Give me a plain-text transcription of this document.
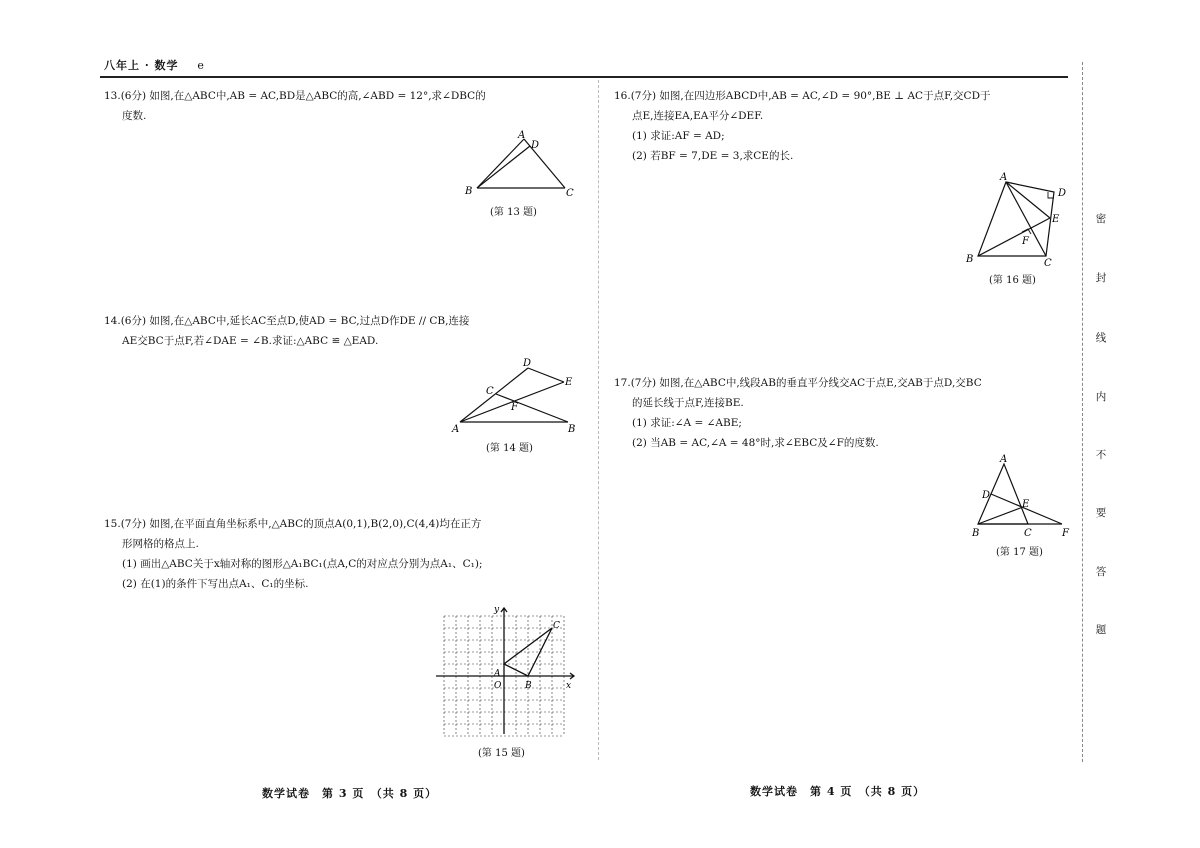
八年上 · 数学 e
密
封
线
内
不
要
答
题

13.(6分) 如图,在△ABC中,AB = AC,BD是△ABC的高,∠ABD = 12°,求∠DBC的

度数.

A
D
B	C
(第 13 题)

14.(6分) 如图,在△ABC中,延长AC至点D,使AD = BC,过点D作DE // CB,连接

AE交BC于点F,若∠DAE = ∠B.求证:△ABC ≌ △EAD.

D
E
C
F
A	B
(第 14 题)

15.(7分) 如图,在平面直角坐标系中,△ABC的顶点A(0,1),B(2,0),C(4,4)均在正方

形网格的格点上.

(1) 画出△ABC关于x轴对称的图形△A₁BC₁(点A,C的对应点分别为点A₁、C₁);

(2) 在(1)的条件下写出点A₁、C₁的坐标.

A
O	B
C
x
y
(第 15 题)

16.(7分) 如图,在四边形ABCD中,AB = AC,∠D = 90°,BE ⊥ AC于点F,交CD于

点E,连接EA,EA平分∠DEF.

(1) 求证:AF = AD;

(2) 若BF = 7,DE = 3,求CE的长.

A
D
E
F
B	C
(第 16 题)

17.(7分) 如图,在△ABC中,线段AB的垂直平分线交AC于点E,交AB于点D,交BC

的延长线于点F,连接BE.

(1) 求证:∠A = ∠ABE;

(2) 当AB = AC,∠A = 48°时,求∠EBC及∠F的度数.

A
D
E
B	C	F
(第 17 题)
数学试卷　第 3 页　（共 8 页）	数学试卷　第 4 页　（共 8 页）
